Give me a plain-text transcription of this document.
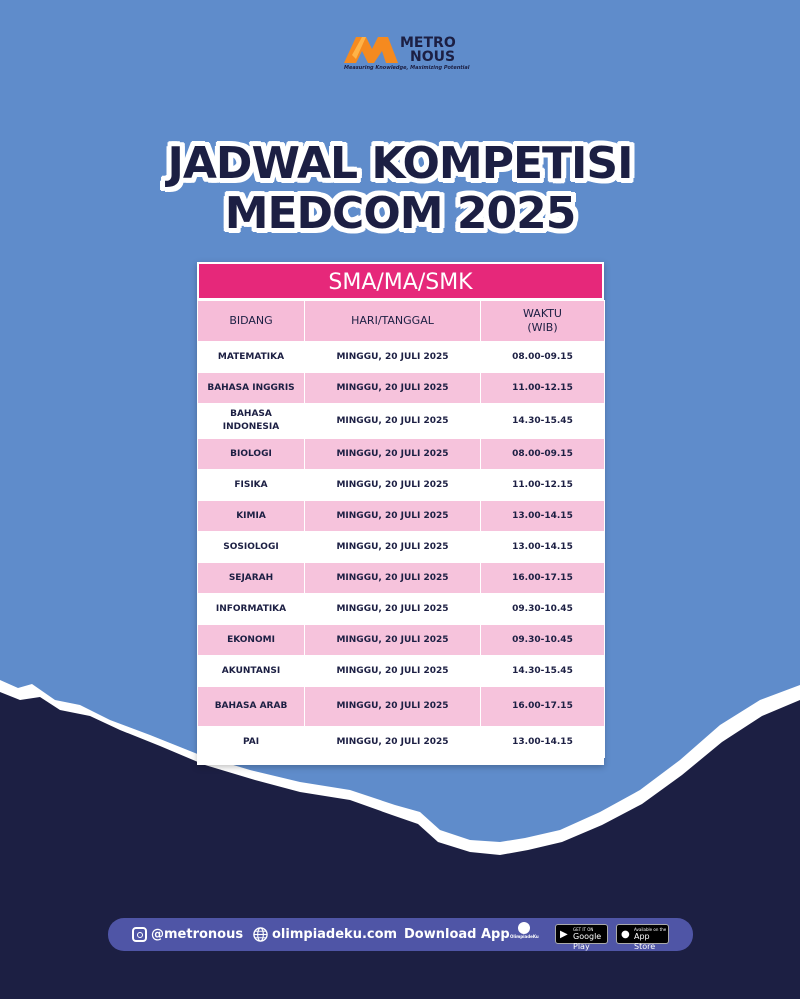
METRO
NOUS
Measuring Knowledge, Maximizing Potential
JADWAL KOMPETISI
MEDCOM 2025
SMA/MA/SMK
BIDANG	HARI/TANGGAL	WAKTU
(WIB)
MATEMATIKA	MINGGU, 20 JULI 2025	08.00-09.15
BAHASA INGGRIS	MINGGU, 20 JULI 2025	11.00-12.15
BAHASA INDONESIA	MINGGU, 20 JULI 2025	14.30-15.45
BIOLOGI	MINGGU, 20 JULI 2025	08.00-09.15
FISIKA	MINGGU, 20 JULI 2025	11.00-12.15
KIMIA	MINGGU, 20 JULI 2025	13.00-14.15
SOSIOLOGI	MINGGU, 20 JULI 2025	13.00-14.15
SEJARAH	MINGGU, 20 JULI 2025	16.00-17.15
INFORMATIKA	MINGGU, 20 JULI 2025	09.30-10.45
EKONOMI	MINGGU, 20 JULI 2025	09.30-10.45
AKUNTANSI	MINGGU, 20 JULI 2025	14.30-15.45
BAHASA ARAB	MINGGU, 20 JULI 2025	16.00-17.15
PAI	MINGGU, 20 JULI 2025	13.00-14.15
@metronous olimpiadeku.com Download App OlimpiadeKu ▶ GET IT ON
Google Play
● Available on the
App Store
